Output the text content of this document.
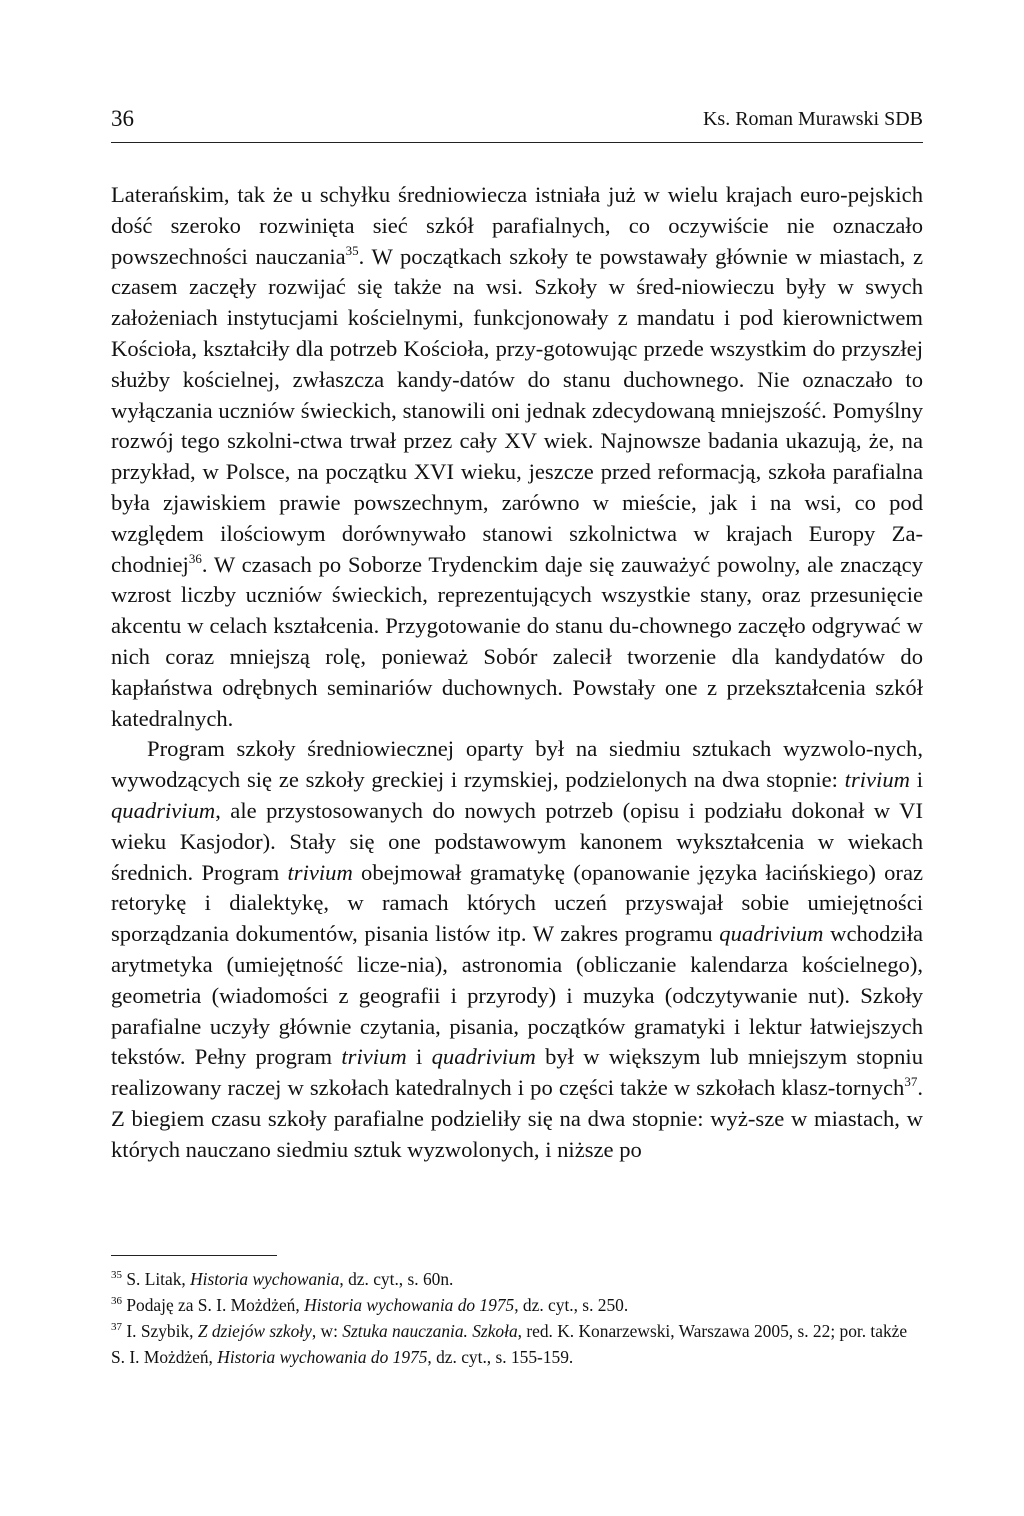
36	Ks. Roman Murawski SDB

Laterańskim, tak że u schyłku średniowiecza istniała już w wielu krajach euro-pejskich dość szeroko rozwinięta sieć szkół parafialnych, co oczywiście nie oznaczało powszechności nauczania$^{35}$. W początkach szkoły te powstawały głównie w miastach, z czasem zaczęły rozwijać się także na wsi. Szkoły w śred-niowieczu były w swych założeniach instytucjami kościelnymi, funkcjonowały z mandatu i pod kierownictwem Kościoła, kształciły dla potrzeb Kościoła, przy-gotowując przede wszystkim do przyszłej służby kościelnej, zwłaszcza kandy-datów do stanu duchownego. Nie oznaczało to wyłączania uczniów świeckich, stanowili oni jednak zdecydowaną mniejszość. Pomyślny rozwój tego szkolni-ctwa trwał przez cały XV wiek. Najnowsze badania ukazują, że, na przykład, w Polsce, na początku XVI wieku, jeszcze przed reformacją, szkoła parafialna była zjawiskiem prawie powszechnym, zarówno w mieście, jak i na wsi, co pod względem ilościowym dorównywało stanowi szkolnictwa w krajach Europy Za-chodniej$^{36}$. W czasach po Soborze Trydenckim daje się zauważyć powolny, ale znaczący wzrost liczby uczniów świeckich, reprezentujących wszystkie stany, oraz przesunięcie akcentu w celach kształcenia. Przygotowanie do stanu du-chownego zaczęło odgrywać w nich coraz mniejszą rolę, ponieważ Sobór zalecił tworzenie dla kandydatów do kapłaństwa odrębnych seminariów duchownych. Powstały one z przekształcenia szkół katedralnych.

Program szkoły średniowiecznej oparty był na siedmiu sztukach wyzwolo-nych, wywodzących się ze szkoły greckiej i rzymskiej, podzielonych na dwa stopnie: trivium i quadrivium, ale przystosowanych do nowych potrzeb (opisu i podziału dokonał w VI wieku Kasjodor). Stały się one podstawowym kanonem wykształcenia w wiekach średnich. Program trivium obejmował gramatykę (opanowanie języka łacińskiego) oraz retorykę i dialektykę, w ramach których uczeń przyswajał sobie umiejętności sporządzania dokumentów, pisania listów itp. W zakres programu quadrivium wchodziła arytmetyka (umiejętność licze-nia), astronomia (obliczanie kalendarza kościelnego), geometria (wiadomości z geografii i przyrody) i muzyka (odczytywanie nut). Szkoły parafialne uczyły głównie czytania, pisania, początków gramatyki i lektur łatwiejszych tekstów. Pełny program trivium i quadrivium był w większym lub mniejszym stopniu realizowany raczej w szkołach katedralnych i po części także w szkołach klasz-tornych$^{37}$. Z biegiem czasu szkoły parafialne podzieliły się na dwa stopnie: wyż-sze w miastach, w których nauczano siedmiu sztuk wyzwolonych, i niższe po

$^{35}$ S. Litak, Historia wychowania, dz. cyt., s. 60n.

$^{36}$ Podaję za S. I. Możdżeń, Historia wychowania do 1975, dz. cyt., s. 250.

$^{37}$ I. Szybik, Z dziejów szkoły, w: Sztuka nauczania. Szkoła, red. K. Konarzewski, Warszawa 2005, s. 22; por. także S. I. Możdżeń, Historia wychowania do 1975, dz. cyt., s. 155-159.
